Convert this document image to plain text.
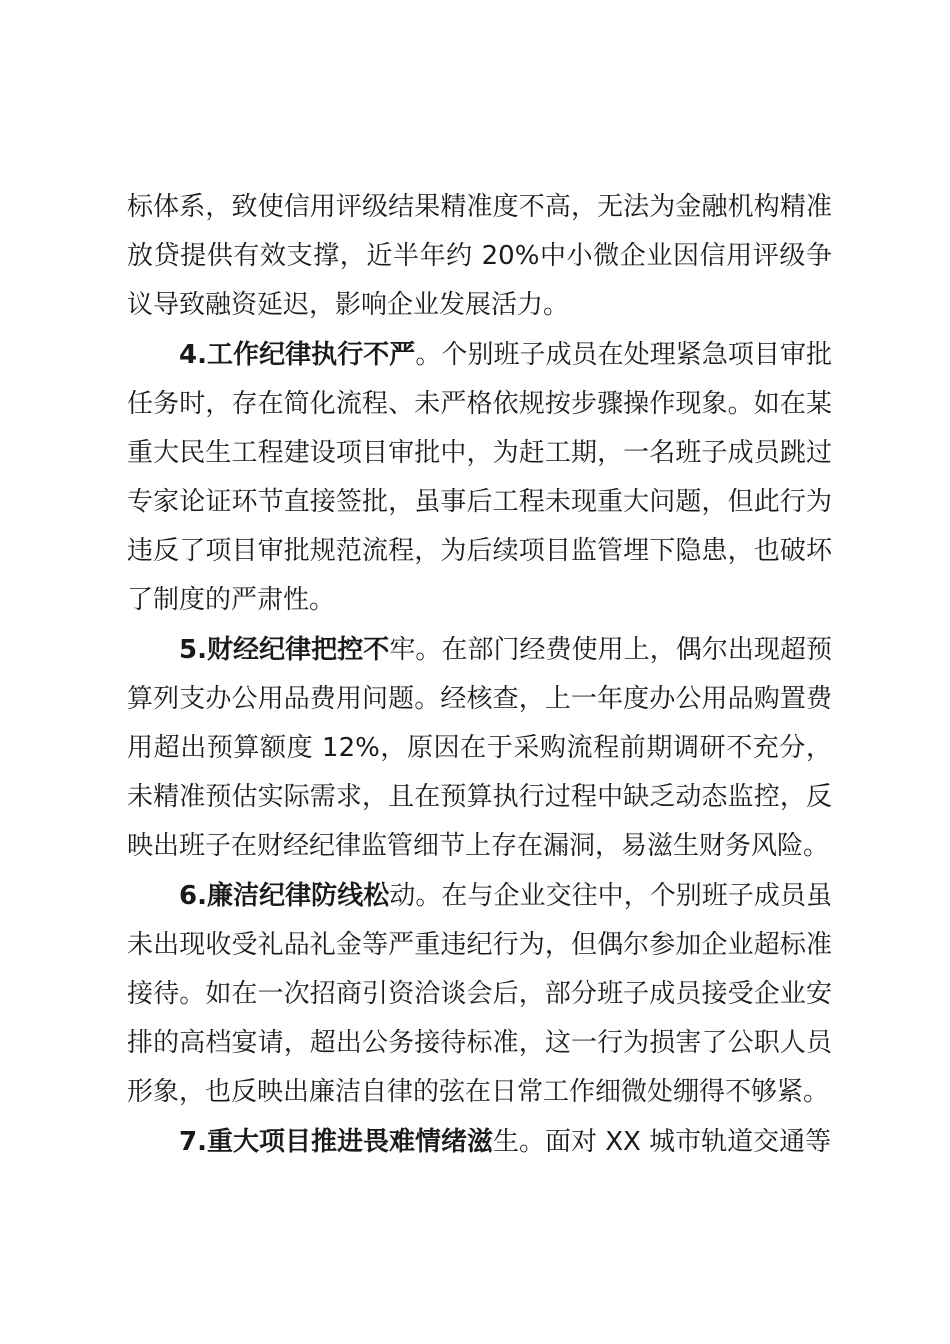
标体系，致使信用评级结果精准度不高，无法为金融机构精准放贷提供有效支撑，近半年约 20%中小微企业因信用评级争议导致融资延迟，影响企业发展活力。

4.工作纪律执行不严。个别班子成员在处理紧急项目审批任务时，存在简化流程、未严格依规按步骤操作现象。如在某重大民生工程建设项目审批中，为赶工期，一名班子成员跳过专家论证环节直接签批，虽事后工程未现重大问题，但此行为违反了项目审批规范流程，为后续项目监管埋下隐患，也破坏了制度的严肃性。

5.财经纪律把控不牢。在部门经费使用上，偶尔出现超预算列支办公用品费用问题。经核查，上一年度办公用品购置费用超出预算额度 12%，原因在于采购流程前期调研不充分，未精准预估实际需求，且在预算执行过程中缺乏动态监控，反映出班子在财经纪律监管细节上存在漏洞，易滋生财务风险。

6.廉洁纪律防线松动。在与企业交往中，个别班子成员虽未出现收受礼品礼金等严重违纪行为，但偶尔参加企业超标准接待。如在一次招商引资洽谈会后，部分班子成员接受企业安排的高档宴请，超出公务接待标准，这一行为损害了公职人员形象，也反映出廉洁自律的弦在日常工作细微处绷得不够紧。

7.重大项目推进畏难情绪滋生。面对 XX 城市轨道交通等
